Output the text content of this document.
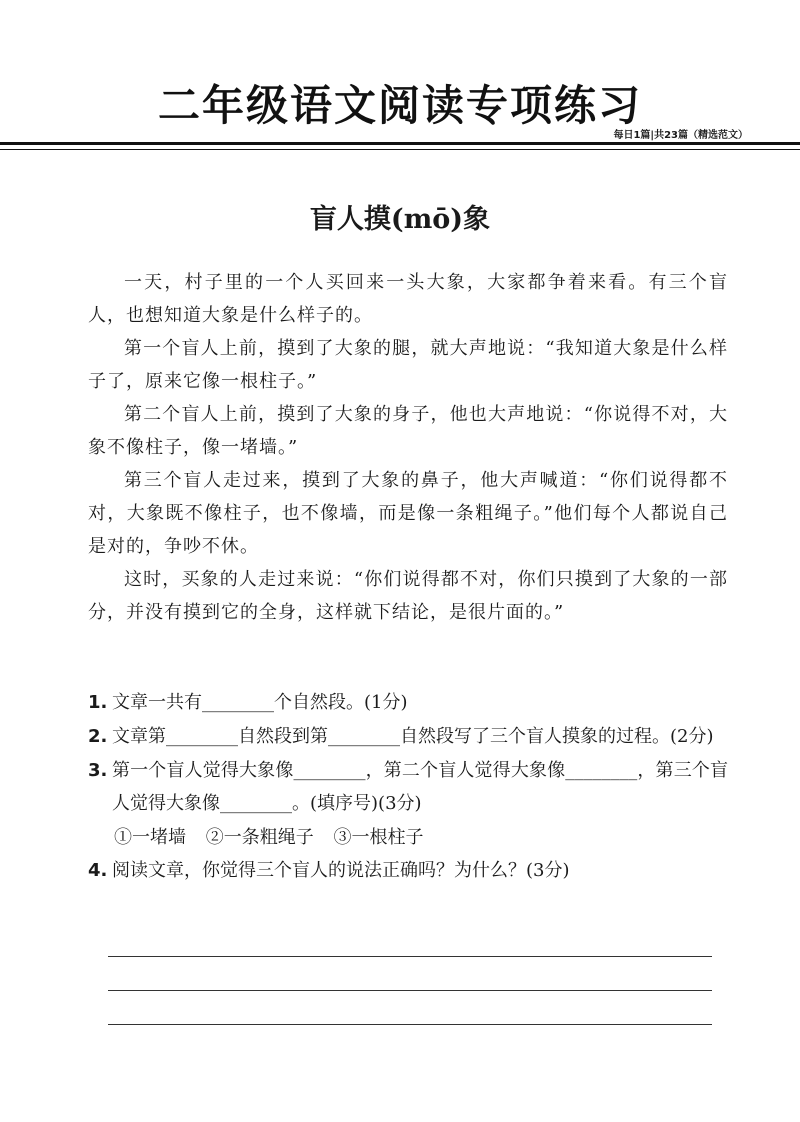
二年级语文阅读专项练习
每日1篇|共23篇（精选范文）
盲人摸(mō)象

一天，村子里的一个人买回来一头大象，大家都争着来看。有三个盲人，也想知道大象是什么样子的。

第一个盲人上前，摸到了大象的腿，就大声地说：“我知道大象是什么样子了，原来它像一根柱子。”

第二个盲人上前，摸到了大象的身子，他也大声地说：“你说得不对，大象不像柱子，像一堵墙。”

第三个盲人走过来，摸到了大象的鼻子，他大声喊道：“你们说得都不对，大象既不像柱子，也不像墙，而是像一条粗绳子。”他们每个人都说自己是对的，争吵不休。

这时，买象的人走过来说：“你们说得都不对，你们只摸到了大象的一部分，并没有摸到它的全身，这样就下结论，是很片面的。”

1. 文章一共有________个自然段。(1分)
2. 文章第________自然段到第________自然段写了三个盲人摸象的过程。(2分)
3. 第一个盲人觉得大象像________，第二个盲人觉得大象像________，第三个盲人觉得大象像________。(填序号)(3分)

①一堵墙 ②一条粗绳子 ③一根柱子

4. 阅读文章，你觉得三个盲人的说法正确吗？为什么？(3分)
